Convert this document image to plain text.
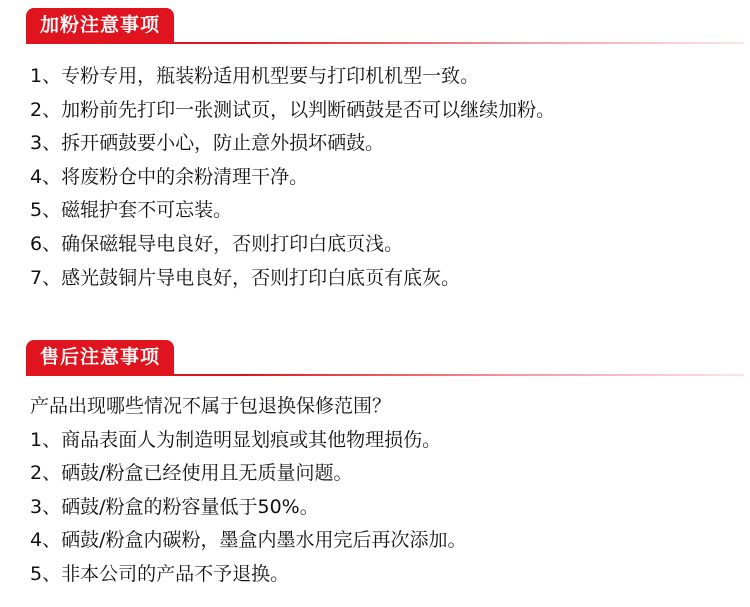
加粉注意事项
1、专粉专用，瓶装粉适用机型要与打印机机型一致。
2、加粉前先打印一张测试页，以判断硒鼓是否可以继续加粉。
3、拆开硒鼓要小心，防止意外损坏硒鼓。
4、将废粉仓中的余粉清理干净。
5、磁辊护套不可忘装。
6、确保磁辊导电良好，否则打印白底页浅。
7、感光鼓铜片导电良好，否则打印白底页有底灰。
售后注意事项
产品出现哪些情况不属于包退换保修范围？
1、商品表面人为制造明显划痕或其他物理损伤。
2、硒鼓/粉盒已经使用且无质量问题。
3、硒鼓/粉盒的粉容量低于50%。
4、硒鼓/粉盒内碳粉，墨盒内墨水用完后再次添加。
5、非本公司的产品不予退换。
